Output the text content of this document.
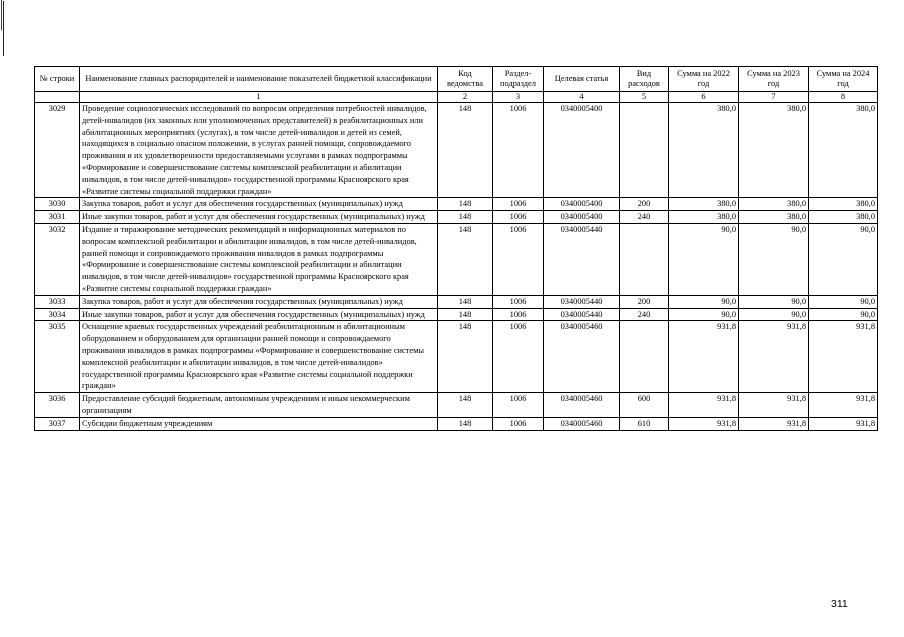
№ строки	Наименование главных распорядителей и наименование показателей бюджетной классификации	Код ведомства	Раздел-подраздел	Целевая статья	Вид расходов	Сумма на 2022 год	Сумма на 2023 год	Сумма на 2024 год
	1	2	3	4	5	6	7	8
3029	Проведение социологических исследований по вопросам определения потребностей инвалидов, детей-инвалидов (их законных или уполномоченных представителей) в реабилитационных или абилитационных мероприятиях (услугах), в том числе детей-инвалидов и детей из семей, находящихся в социально опасном положении, в услугах ранней помощи, сопровождаемого проживания и их удовлетворенности предоставляемыми услугами в рамках подпрограммы «Формирование и совершенствование системы комплексной реабилитации и абилитации инвалидов, в том числе детей-инвалидов» государственной программы Красноярского края «Развитие системы социальной поддержки граждан»	148	1006	0340005400		380,0	380,0	380,0
3030	Закупка товаров, работ и услуг для обеспечения государственных (муниципальных) нужд	148	1006	0340005400	200	380,0	380,0	380,0
3031	Иные закупки товаров, работ и услуг для обеспечения государственных (муниципальных) нужд	148	1006	0340005400	240	380,0	380,0	380,0
3032	Издание и тиражирование методических рекомендаций и информационных материалов по вопросам комплексной реабилитации и абилитации инвалидов, в том числе детей-инвалидов, ранней помощи и сопровождаемого проживания инвалидов в рамках подпрограммы «Формирование и совершенствование системы комплексной реабилитации и абилитации инвалидов, в том числе детей-инвалидов» государственной программы Красноярского края «Развитие системы социальной поддержки граждан»	148	1006	0340005440		90,0	90,0	90,0
3033	Закупка товаров, работ и услуг для обеспечения государственных (муниципальных) нужд	148	1006	0340005440	200	90,0	90,0	90,0
3034	Иные закупки товаров, работ и услуг для обеспечения государственных (муниципальных) нужд	148	1006	0340005440	240	90,0	90,0	90,0
3035	Оснащение краевых государственных учреждений реабилитационным и абилитационным оборудованием и оборудованием для организации ранней помощи и сопровождаемого проживания инвалидов в рамках подпрограммы «Формирование и совершенствование системы комплексной реабилитации и абилитации инвалидов, в том числе детей-инвалидов» государственной программы Красноярского края «Развитие системы социальной поддержки граждан»	148	1006	0340005460		931,8	931,8	931,8
3036	Предоставление субсидий бюджетным, автономным учреждениям и иным некоммерческим организациям	148	1006	0340005460	600	931,8	931,8	931,8
3037	Субсидии бюджетным учреждениям	148	1006	0340005460	610	931,8	931,8	931,8
311
